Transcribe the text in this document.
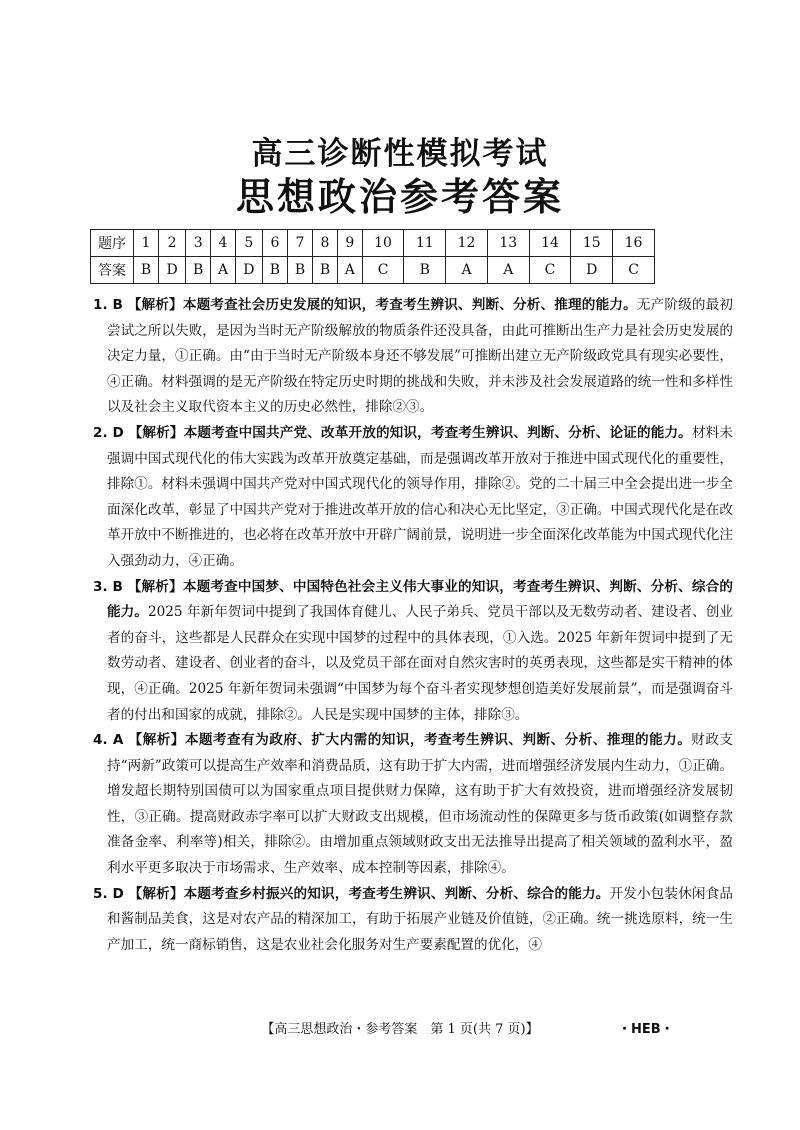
高三诊断性模拟考试
思想政治参考答案
题序	1	2	3	4	5	6	7	8	9	10	11	12	13	14	15	16
答案	B	D	B	A	D	B	B	B	A	C	B	A	A	C	D	C

1. B 【解析】本题考查社会历史发展的知识，考查考生辨识、判断、分析、推理的能力。无产阶级的最初尝试之所以失败，是因为当时无产阶级解放的物质条件还没具备，由此可推断出生产力是社会历史发展的决定力量，①正确。由“由于当时无产阶级本身还不够发展”可推断出建立无产阶级政党具有现实必要性，④正确。材料强调的是无产阶级在特定历史时期的挑战和失败，并未涉及社会发展道路的统一性和多样性以及社会主义取代资本主义的历史必然性，排除②③。

2. D 【解析】本题考查中国共产党、改革开放的知识，考查考生辨识、判断、分析、论证的能力。材料未强调中国式现代化的伟大实践为改革开放奠定基础，而是强调改革开放对于推进中国式现代化的重要性，排除①。材料未强调中国共产党对中国式现代化的领导作用，排除②。党的二十届三中全会提出进一步全面深化改革，彰显了中国共产党对于推进改革开放的信心和决心无比坚定，③正确。中国式现代化是在改革开放中不断推进的，也必将在改革开放中开辟广阔前景，说明进一步全面深化改革能为中国式现代化注入强劲动力，④正确。

3. B 【解析】本题考查中国梦、中国特色社会主义伟大事业的知识，考查考生辨识、判断、分析、综合的能力。2025 年新年贺词中提到了我国体育健儿、人民子弟兵、党员干部以及无数劳动者、建设者、创业者的奋斗，这些都是人民群众在实现中国梦的过程中的具体表现，①入选。2025 年新年贺词中提到了无数劳动者、建设者、创业者的奋斗，以及党员干部在面对自然灾害时的英勇表现，这些都是实干精神的体现，④正确。2025 年新年贺词未强调“中国梦为每个奋斗者实现梦想创造美好发展前景”，而是强调奋斗者的付出和国家的成就，排除②。人民是实现中国梦的主体，排除③。

4. A 【解析】本题考查有为政府、扩大内需的知识，考查考生辨识、判断、分析、推理的能力。财政支持“两新”政策可以提高生产效率和消费品质，这有助于扩大内需，进而增强经济发展内生动力，①正确。增发超长期特别国债可以为国家重点项目提供财力保障，这有助于扩大有效投资，进而增强经济发展韧性，③正确。提高财政赤字率可以扩大财政支出规模，但市场流动性的保障更多与货币政策(如调整存款准备金率、利率等)相关，排除②。由增加重点领域财政支出无法推导出提高了相关领域的盈利水平，盈利水平更多取决于市场需求、生产效率、成本控制等因素，排除④。

5. D 【解析】本题考查乡村振兴的知识，考查考生辨识、判断、分析、综合的能力。开发小包装休闲食品和酱制品美食，这是对农产品的精深加工，有助于拓展产业链及价值链，②正确。统一挑选原料，统一生产加工，统一商标销售，这是农业社会化服务对生产要素配置的优化，④

【高三思想政治・参考答案　第 1 页(共 7 页)】	・HEB・
